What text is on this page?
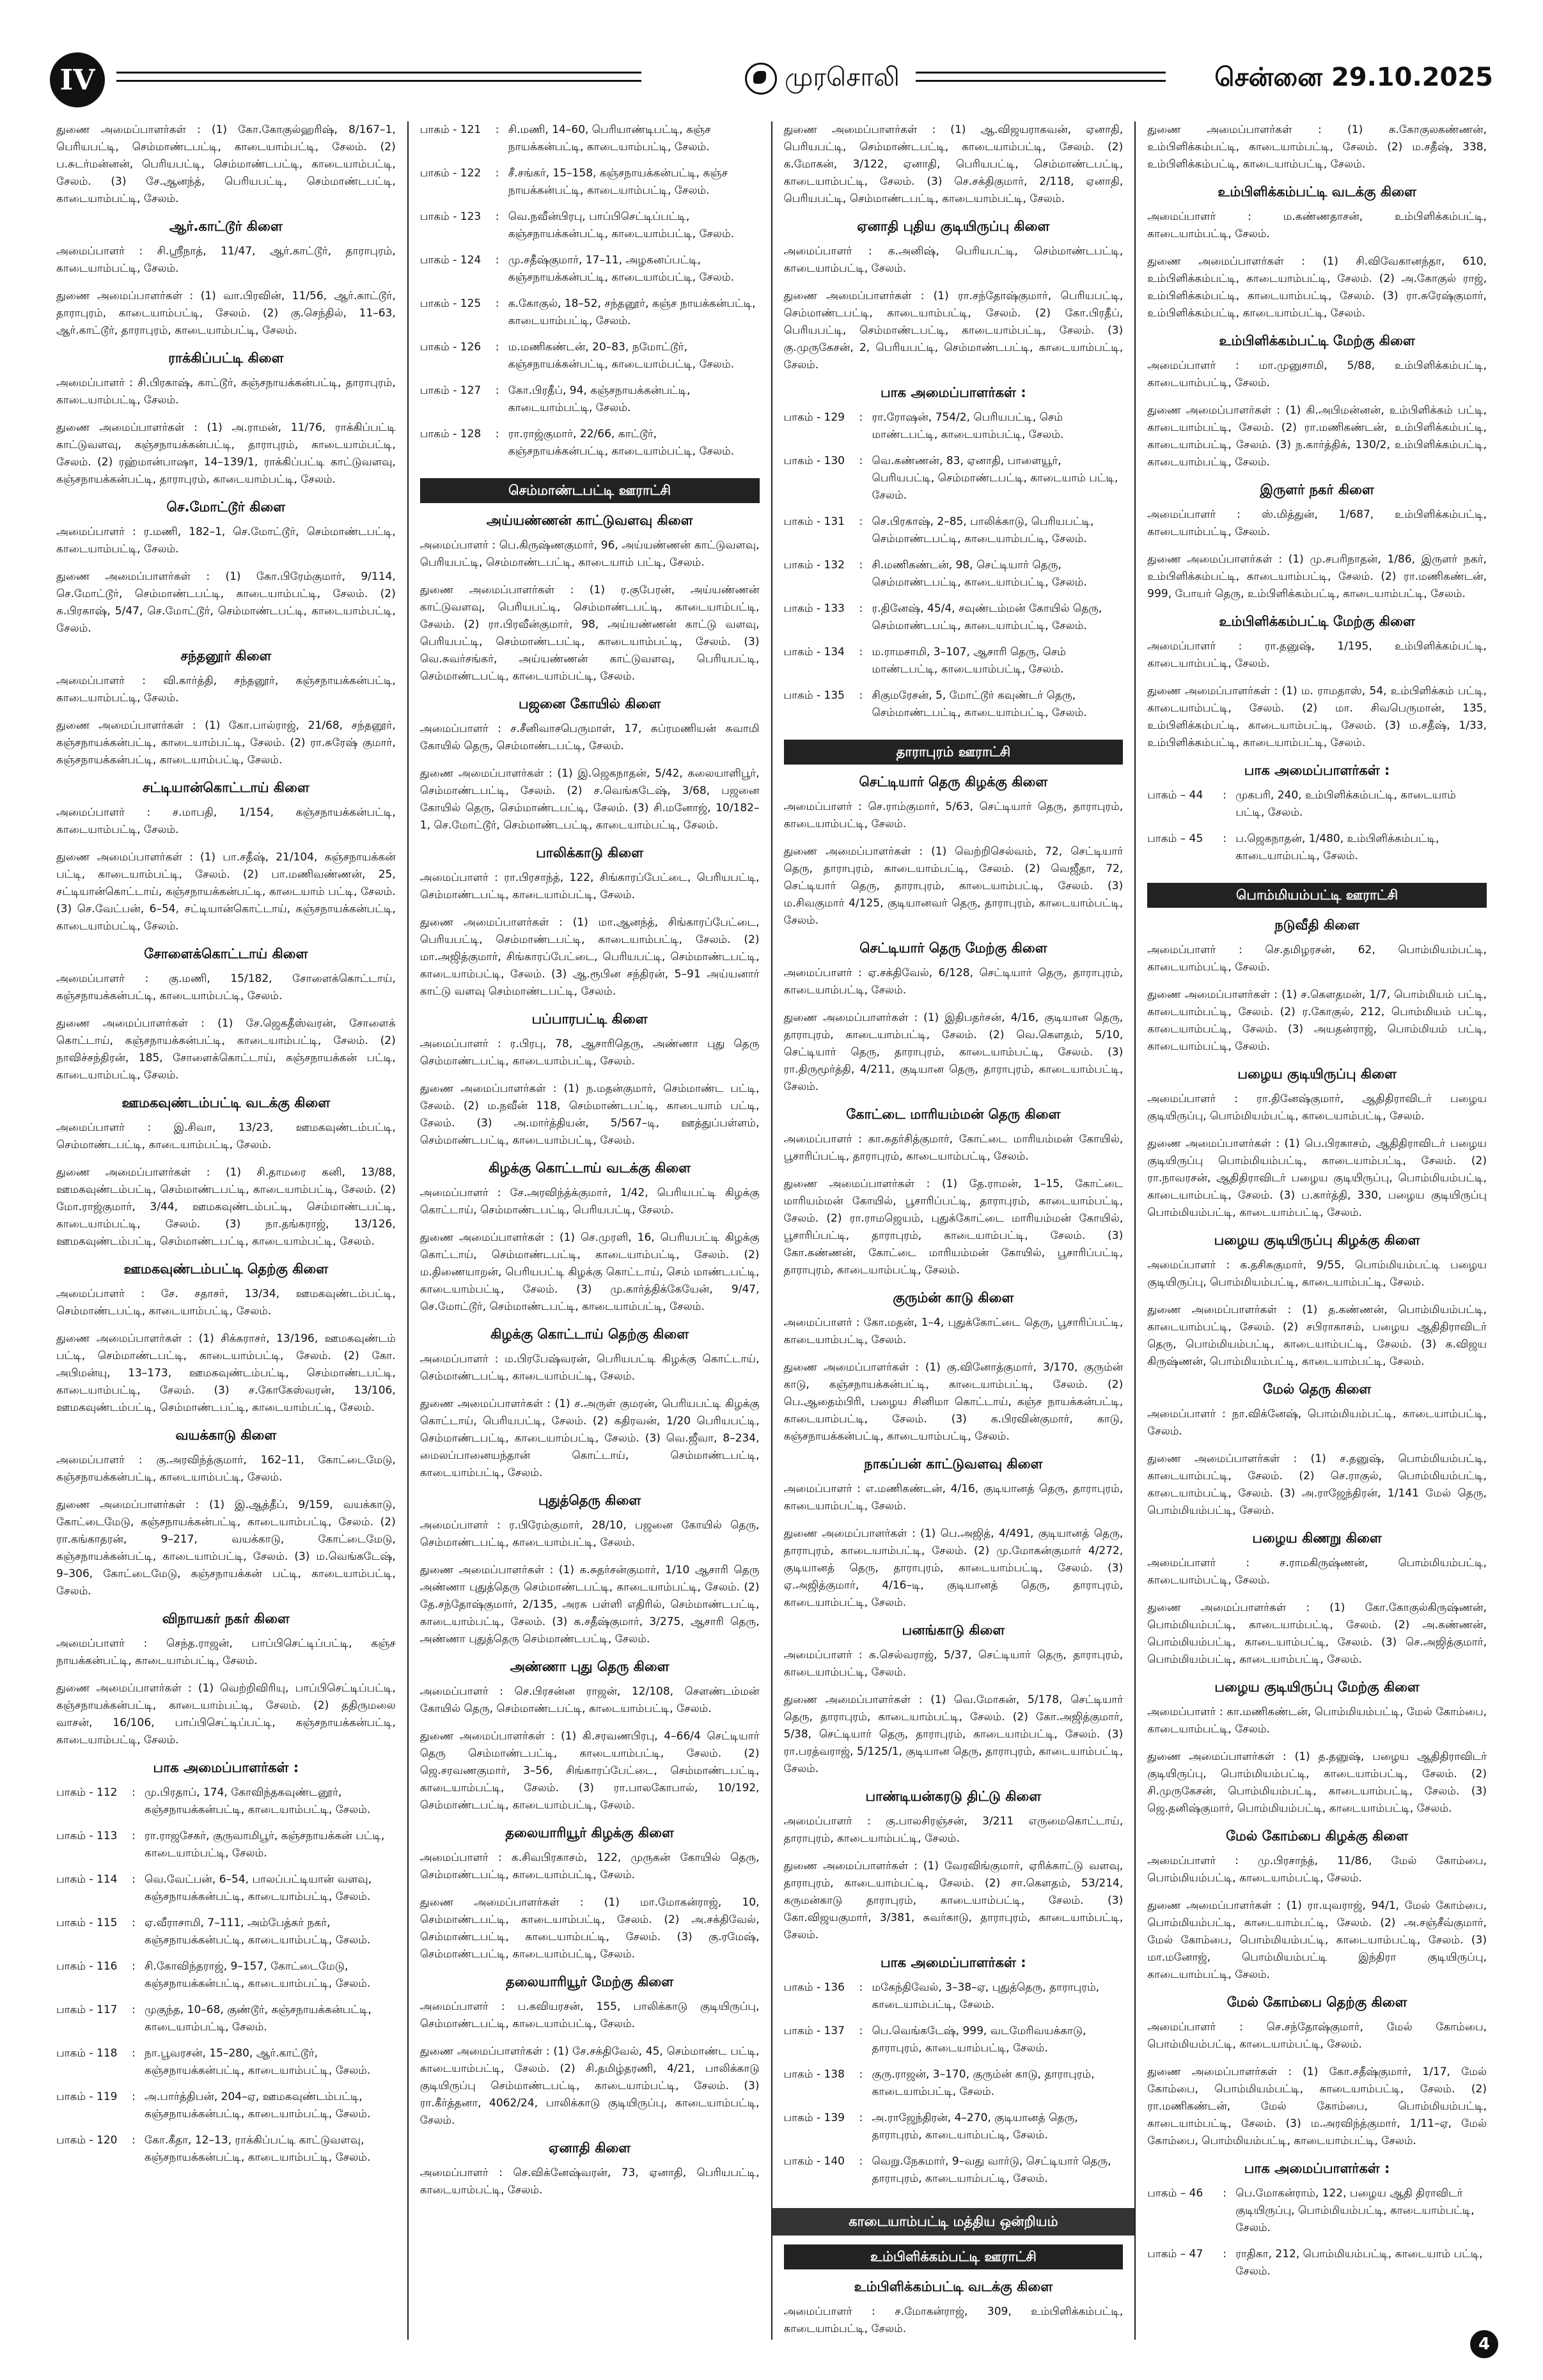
IV	முரசொலி	சென்னை 29.10.2025

துணை அமைப்பாளர்கள் : (1) கோ.கோகுல்ஹரிஷ், 8/167–1, பெரியபட்டி, செம்மாண்டபட்டி, காடையாம்பட்டி, சேலம். (2) ப.சுடர்மன்னன், பெரியபட்டி, செம்மாண்டபட்டி, காடையாம்பட்டி, சேலம். (3) சே.ஆனந்த், பெரியபட்டி, செம்மாண்டபட்டி, காடையாம்பட்டி, சேலம்.

ஆர்.காட்டூர் கிளை

அமைப்பாளர் : சி.ஸ்ரீநாத், 11/47, ஆர்.காட்டூர், தாராபுரம், காடையாம்பட்டி, சேலம்.

துணை அமைப்பாளர்கள் : (1) வா.பிரவின், 11/56, ஆர்.காட்டூர், தாராபுரம், காடையாம்பட்டி, சேலம். (2) கு.செந்தில், 11–63, ஆர்.காட்டூர், தாராபுரம், காடையாம்பட்டி, சேலம்.

ராக்கிப்பட்டி கிளை

அமைப்பாளர் : சி.பிரகாஷ், காட்டூர், கஞ்சநாயக்கன்பட்டி, தாராபுரம், காடையாம்பட்டி, சேலம்.

துணை அமைப்பாளர்கள் : (1) அ.ராமன், 11/76, ராக்கிப்பட்டி காட்டுவளவு, கஞ்சநாயக்கன்பட்டி, தாராபுரம், காடையாம்பட்டி, சேலம். (2) ரஹ்மான்பாஷா, 14–139/1, ராக்கிப்பட்டி காட்டுவளவு, கஞ்சநாயக்கன்பட்டி, தாராபுரம், காடையாம்பட்டி, சேலம்.

செ.மோட்டூர் கிளை

அமைப்பாளர் : ர.மணி, 182–1, செ.மோட்டூர், செம்மாண்டபட்டி, காடையாம்பட்டி, சேலம்.

துணை அமைப்பாளர்கள் : (1) கோ.பிரேம்குமார், 9/114, செ.மோட்டூர், செம்மாண்டபட்டி, காடையாம்பட்டி, சேலம். (2) க.பிரகாஷ், 5/47, செ.மோட்டூர், செம்மாண்டபட்டி, காடையாம்பட்டி, சேலம்.

சந்தனூர் கிளை

அமைப்பாளர் : வி.கார்த்தி, சந்தனூர், கஞ்சநாயக்கன்பட்டி, காடையாம்பட்டி, சேலம்.

துணை அமைப்பாளர்கள் : (1) கோ.பால்ராஜ், 21/68, சந்தனூர், கஞ்சநாயக்கன்பட்டி, காடையாம்பட்டி, சேலம். (2) ரா.சுரேஷ் குமார், கஞ்சநாயக்கன்பட்டி, காடையாம்பட்டி, சேலம்.

சட்டியான்கொட்டாய் கிளை

அமைப்பாளர் : ச.மாபதி, 1/154, கஞ்சநாயக்கன்பட்டி, காடையாம்பட்டி, சேலம்.

துணை அமைப்பாளர்கள் : (1) பா.சதீஷ், 21/104, கஞ்சநாயக்கன் பட்டி, காடையாம்பட்டி, சேலம். (2) பா.மணிவண்ணன், 25, சட்டியான்கொட்டாய், கஞ்சநாயக்கன்பட்டி, காடையாம் பட்டி, சேலம். (3) செ.வேட்பன், 6–54, சட்டியான்கொட்டாய், கஞ்சநாயக்கன்பட்டி, காடையாம்பட்டி, சேலம்.

சோளைக்கொட்டாய் கிளை

அமைப்பாளர் : கு.மணி, 15/182, சோளைக்கொட்டாய், கஞ்சநாயக்கன்பட்டி, காடையாம்பட்டி, சேலம்.

துணை அமைப்பாளர்கள் : (1) சே.ஜெகதீஸ்வரன், சோளைக் கொட்டாய், கஞ்சநாயக்கன்பட்டி, காடையாம்பட்டி, சேலம். (2) நாவிச்சந்திரன், 185, சோளைக்கொட்டாய், கஞ்சநாயக்கன் பட்டி, காடையாம்பட்டி, சேலம்.

ஊமகவுண்டம்பட்டி வடக்கு கிளை

அமைப்பாளர் : இ.சிவா, 13/23, ஊமகவுண்டம்பட்டி, செம்மாண்டபட்டி, காடையாம்பட்டி, சேலம்.

துணை அமைப்பாளர்கள் : (1) சி.தாமரை கனி, 13/88, ஊமகவுண்டம்பட்டி, செம்மாண்டபட்டி, காடையாம்பட்டி, சேலம். (2) மோ.ராஜ்குமார், 3/44, ஊமகவுண்டம்பட்டி, செம்மாண்டபட்டி, காடையாம்பட்டி, சேலம். (3) நா.தங்கராஜ், 13/126, ஊமகவுண்டம்பட்டி, செம்மாண்டபட்டி, காடையாம்பட்டி, சேலம்.

ஊமகவுண்டம்பட்டி தெற்கு கிளை

அமைப்பாளர் : சே. சதாசர், 13/34, ஊமகவுண்டம்பட்டி, செம்மாண்டபட்டி, காடையாம்பட்டி, சேலம்.

துணை அமைப்பாளர்கள் : (1) சிக்கராசர், 13/196, ஊமகவுண்டம் பட்டி, செம்மாண்டபட்டி, காடையாம்பட்டி, சேலம். (2) கோ. அபிமன்யு, 13–173, ஊமகவுண்டம்பட்டி, செம்மாண்டபட்டி, காடையாம்பட்டி, சேலம். (3) ச.கோகேஸ்வரன், 13/106, ஊமகவுண்டம்பட்டி, செம்மாண்டபட்டி, காடையாம்பட்டி, சேலம்.

வயக்காடு கிளை

அமைப்பாளர் : கு.அரவிந்த்குமார், 162–11, கோட்டைமேடு, கஞ்சநாயக்கன்பட்டி, காடையாம்பட்டி, சேலம்.

துணை அமைப்பாளர்கள் : (1) இ.ஆத்தீப், 9/159, வயக்காடு, கோட்டைமேடு, கஞ்சநாயக்கன்பட்டி, காடையாம்பட்டி, சேலம். (2) ரா.கங்காதரன், 9–217, வயக்காடு, கோட்டைமேடு, கஞ்சநாயக்கன்பட்டி, காடையாம்பட்டி, சேலம். (3) ம.வெங்கடேஷ், 9–306, கோட்டைமேடு, கஞ்சநாயக்கன் பட்டி, காடையாம்பட்டி, சேலம்.

விநாயகர் நகர் கிளை

அமைப்பாளர் : செந்த.ராஜன், பாப்பிசெட்டிப்பட்டி, கஞ்ச நாயக்கன்பட்டி, காடையாம்பட்டி, சேலம்.

துணை அமைப்பாளர்கள் : (1) வெற்றிவிரியு, பாப்பிசெட்டிப்பட்டி, கஞ்சநாயக்கன்பட்டி, காடையாம்பட்டி, சேலம். (2) ததிருமலை வாசன், 16/106, பாப்பிசெட்டிப்பட்டி, கஞ்சநாயக்கன்பட்டி, காடையாம்பட்டி, சேலம்.

பாக அமைப்பாளர்கள் :
பாகம் - 112	:	மு.பிரதாப், 174, கோவிந்தகவுண்டனூர், கஞ்சநாயக்கன்பட்டி, காடையாம்பட்டி, சேலம்.
பாகம் - 113	:	ரா.ராஜசேகர், குருவாமிபூர், கஞ்சநாயக்கன் பட்டி, காடையாம்பட்டி, சேலம்.
பாகம் - 114	:	வெ.வேட்பன், 6–54, பாலப்பட்டியான் வளவு, கஞ்சநாயக்கன்பட்டி, காடையாம்பட்டி, சேலம்.
பாகம் - 115	:	ஏ.வீராசாமி, 7–111, அம்பேத்கர் நகர், கஞ்சநாயக்கன்பட்டி, காடையாம்பட்டி, சேலம்.
பாகம் - 116	:	சி.கோவிந்தராஜ், 9–157, கோட்டைமேடு, கஞ்சநாயக்கன்பட்டி, காடையாம்பட்டி, சேலம்.
பாகம் - 117	:	முகுந்த, 10–68, குண்டூர், கஞ்சநாயக்கன்பட்டி, காடையாம்பட்டி, சேலம்.
பாகம் - 118	:	நா.பூவரசன், 15–280, ஆர்.காட்டூர், கஞ்சநாயக்கன்பட்டி, காடையாம்பட்டி, சேலம்.
பாகம் - 119	:	அ.பார்த்திபன், 204–ஏ, ஊமகவுண்டம்பட்டி, கஞ்சநாயக்கன்பட்டி, காடையாம்பட்டி, சேலம்.
பாகம் - 120	:	கோ.கீதா, 12–13, ராக்கிப்பட்டி காட்டுவளவு, கஞ்சநாயக்கன்பட்டி, காடையாம்பட்டி, சேலம்.
பாகம் - 121	:	சி.மணி, 14–60, பெரியாண்டிபட்டி, கஞ்ச நாயக்கன்பட்டி, காடையாம்பட்டி, சேலம்.
பாகம் - 122	:	சீ.சங்கர், 15–158, கஞ்சநாயக்கன்பட்டி, கஞ்ச நாயக்கன்பட்டி, காடையாம்பட்டி, சேலம்.
பாகம் - 123	:	வெ.நவீன்பிரபு, பாப்பிசெட்டிப்பட்டி, கஞ்சநாயக்கன்பட்டி, காடையாம்பட்டி, சேலம்.
பாகம் - 124	:	மு.சதீஷ்குமார், 17–11, அழகனப்பட்டி, கஞ்சநாயக்கன்பட்டி, காடையாம்பட்டி, சேலம்.
பாகம் - 125	:	க.கோகுல், 18–52, சந்தனூர், கஞ்ச நாயக்கன்பட்டி, காடையாம்பட்டி, சேலம்.
பாகம் - 126	:	ம.மணிகண்டன், 20–83, நமோட்டூர், கஞ்சநாயக்கன்பட்டி, காடையாம்பட்டி, சேலம்.
பாகம் - 127	:	கோ.பிரதீப், 94, கஞ்சநாயக்கன்பட்டி, காடையாம்பட்டி, சேலம்.
பாகம் - 128	:	ரா.ராஜ்குமார், 22/66, காட்டூர், கஞ்சநாயக்கன்பட்டி, காடையாம்பட்டி, சேலம்.
செம்மாண்டபட்டி ஊராட்சி
அய்யண்ணன் காட்டுவளவு கிளை

அமைப்பாளர் : பெ.கிருஷ்ணகுமார், 96, அய்யண்ணன் காட்டுவளவு, பெரியபட்டி, செம்மாண்டபட்டி, காடையாம் பட்டி, சேலம்.

துணை அமைப்பாளர்கள் : (1) ர.குபேரன், அய்யண்ணன் காட்டுவளவு, பெரியபட்டி, செம்மாண்டபட்டி, காடையாம்பட்டி, சேலம். (2) ரா.பிரவீன்குமார், 98, அய்யண்ணன் காட்டு வளவு, பெரியபட்டி, செம்மாண்டபட்டி, காடையாம்பட்டி, சேலம். (3) வெ.சுவர்சங்கர், அய்யண்ணன் காட்டுவளவு, பெரியபட்டி, செம்மாண்டபட்டி, காடையாம்பட்டி, சேலம்.

பஜனை கோயில் கிளை

அமைப்பாளர் : ச.சீனிவாசபெருமாள், 17, சுப்ரமணியன் சுவாமி கோயில் தெரு, செம்மாண்டபட்டி, சேலம்.

துணை அமைப்பாளர்கள் : (1) இ.ஜெகநாதன், 5/42, கலையாளிபூர், செம்மாண்டபட்டி, சேலம். (2) ச.வெங்கடேஷ், 3/68, பஜனை கோயில் தெரு, செம்மாண்டபட்டி, சேலம். (3) சி.மனோஜ், 10/182–1, செ.மோட்டூர், செம்மாண்டபட்டி, காடையாம்பட்டி, சேலம்.

பாலிக்காடு கிளை

அமைப்பாளர் : ரா.பிரசாந்த், 122, சிங்காரப்பேட்டை, பெரியபட்டி, செம்மாண்டபட்டி, காடையாம்பட்டி, சேலம்.

துணை அமைப்பாளர்கள் : (1) மா.ஆனந்த், சிங்காரப்பேட்டை, பெரியபட்டி, செம்மாண்டபட்டி, காடையாம்பட்டி, சேலம். (2) மா.அஜித்குமார், சிங்காரப்பேட்டை, பெரியபட்டி, செம்மாண்டபட்டி, காடையாம்பட்டி, சேலம். (3) ஆ.ரூபின சந்திரன், 5–91 அய்யனார் காட்டு வளவு செம்மாண்டபட்டி, சேலம்.

பப்பாரபட்டி கிளை

அமைப்பாளர் : ர.பிரபு, 78, ஆசாரிதெரு, அண்ணா புது தெரு செம்மாண்டபட்டி, காடையாம்பட்டி, சேலம்.

துணை அமைப்பாளர்கள் : (1) ந.மதன்குமார், செம்மாண்ட பட்டி, சேலம். (2) ம.நவீன் 118, செம்மாண்டபட்டி, காடையாம் பட்டி, சேலம். (3) அ.மார்த்தியன், 5/567–டி, ஊத்துப்பள்ளம், செம்மாண்டபட்டி, காடையாம்பட்டி, சேலம்.

கிழக்கு கொட்டாய் வடக்கு கிளை

அமைப்பாளர் : சே.அரவிந்த்க்குமார், 1/42, பெரியபட்டி கிழக்கு கொட்டாய், செம்மாண்டபட்டி, பெரியபட்டி, சேலம்.

துணை அமைப்பாளர்கள் : (1) செ.முரளி, 16, பெரியபட்டி கிழக்கு கொட்டாய், செம்மாண்டபட்டி, காடையாம்பட்டி, சேலம். (2) ம.திணையாறன், பெரியபட்டி கிழக்கு கொட்டாய், செம் மாண்டபட்டி, காடையாம்பட்டி, சேலம். (3) மு.கார்த்திக்கேயேன், 9/47, செ.மோட்டூர், செம்மாண்டபட்டி, காடையாம்பட்டி, சேலம்.

கிழக்கு கொட்டாய் தெற்கு கிளை

அமைப்பாளர் : ம.பிரபேஷ்வரன், பெரியபட்டி கிழக்கு கொட்டாய், செம்மாண்டபட்டி, காடையாம்பட்டி, சேலம்.

துணை அமைப்பாளர்கள் : (1) ச.அருள் குமரன், பெரியபட்டி கிழக்கு கொட்டாய், பெரியபட்டி, சேலம். (2) கதிரவன், 1/20 பெரியபட்டி, செம்மாண்டபட்டி, காடையாம்பட்டி, சேலம். (3) வெ.ஜீவா, 8–234, மைலப்பானையந்தான் கொட்டாய், செம்மாண்டபட்டி, காடையாம்பட்டி, சேலம்.

புதுத்தெரு கிளை

அமைப்பாளர் : ர.பிரேம்குமார், 28/10, பஜனை கோயில் தெரு, செம்மாண்டபட்டி, காடையாம்பட்டி, சேலம்.

துணை அமைப்பாளர்கள் : (1) க.சுதர்சன்குமார், 1/10 ஆசாரி தெரு அண்ணா புதுத்தெரு செம்மாண்டபட்டி, காடையாம்பட்டி, சேலம். (2) தே.சந்தோஷ்குமார், 2/135, அரசு பள்ளி எதிரில், செம்மாண்டபட்டி, காடையாம்பட்டி, சேலம். (3) க.சதீஷ்குமார், 3/275, ஆசாரி தெரு, அண்ணா புதுத்தெரு செம்மாண்டபட்டி, சேலம்.

அண்ணா புது தெரு கிளை

அமைப்பாளர் : செ.பிரசன்ன ராஜன், 12/108, சௌண்டம்மன் கோயில் தெரு, செம்மாண்டபட்டி, காடையாம்பட்டி, சேலம்.

துணை அமைப்பாளர்கள் : (1) கி.சரவணபிரபு, 4–66/4 செட்டியார் தெரு செம்மாண்டபட்டி, காடையாம்பட்டி, சேலம். (2) ஜெ.சரவணகுமார், 3–56, சிங்காரப்பேட்டை, செம்மாண்டபட்டி, காடையாம்பட்டி, சேலம். (3) ரா.பாலகோபால், 10/192, செம்மாண்டபட்டி, காடையாம்பட்டி, சேலம்.

தலையாரியூர் கிழக்கு கிளை

அமைப்பாளர் : க.சிவபிரகாசம், 122, முருகன் கோயில் தெரு, செம்மாண்டபட்டி, காடையாம்பட்டி, சேலம்.

துணை அமைப்பாளர்கள் : (1) மா.மோகன்ராஜ், 10, செம்மாண்டபட்டி, காடையாம்பட்டி, சேலம். (2) அ.சக்திவேல், செம்மாண்டபட்டி, காடையாம்பட்டி, சேலம். (3) கு.ரமேஷ், செம்மாண்டபட்டி, காடையாம்பட்டி, சேலம்.

தலையாரியூர் மேற்கு கிளை

அமைப்பாளர் : ப.கவியரசன், 155, பாலிக்காடு குடியிருப்பு, செம்மாண்டபட்டி, காடையாம்பட்டி, சேலம்.

துணை அமைப்பாளர்கள் : (1) சே.சக்திவேல், 45, செம்மாண்ட பட்டி, காடையாம்பட்டி, சேலம். (2) சி.தமிழ்தரணி, 4/21, பாலிக்காடு குடியிருப்பு செம்மாண்டபட்டி, காடையாம்பட்டி, சேலம். (3) ரா.கீர்த்தனா, 4062/24, பாலிக்காடு குடியிருப்பு, காடையாம்பட்டி, சேலம்.

ஏனாதி கிளை

அமைப்பாளர் : செ.விக்னேஷ்வரன், 73, ஏனாதி, பெரியபட்டி, காடையாம்பட்டி, சேலம்.

துணை அமைப்பாளர்கள் : (1) ஆ.விஜயராகவன், ஏனாதி, பெரியபட்டி, செம்மாண்டபட்டி, காடையாம்பட்டி, சேலம். (2) க.மோகன், 3/122, ஏனாதி, பெரியபட்டி, செம்மாண்டபட்டி, காடையாம்பட்டி, சேலம். (3) செ.சக்திகுமார், 2/118, ஏனாதி, பெரியபட்டி, செம்மாண்டபட்டி, காடையாம்பட்டி, சேலம்.

ஏனாதி புதிய குடியிருப்பு கிளை

அமைப்பாளர் : க.அனிஷ், பெரியபட்டி, செம்மாண்டபட்டி, காடையாம்பட்டி, சேலம்.

துணை அமைப்பாளர்கள் : (1) ரா.சந்தோஷ்குமார், பெரியபட்டி, செம்மாண்டபட்டி, காடையாம்பட்டி, சேலம். (2) கோ.பிரதீப், பெரியபட்டி, செம்மாண்டபட்டி, காடையாம்பட்டி, சேலம். (3) கு.முருகேசன், 2, பெரியபட்டி, செம்மாண்டபட்டி, காடையாம்பட்டி, சேலம்.

பாக அமைப்பாளர்கள் :
பாகம் - 129	:	ரா.ரோஷன், 754/2, பெரியபட்டி, செம் மாண்டபட்டி, காடையாம்பட்டி, சேலம்.
பாகம் - 130	:	வெ.கண்ணன், 83, ஏனாதி, பாளையூர், பெரியபட்டி, செம்மாண்டபட்டி, காடையாம் பட்டி, சேலம்.
பாகம் - 131	:	செ.பிரகாஷ், 2–85, பாலிக்காடு, பெரியபட்டி, செம்மாண்டபட்டி, காடையாம்பட்டி, சேலம்.
பாகம் - 132	:	சி.மணிகண்டன், 98, செட்டியார் தெரு, செம்மாண்டபட்டி, காடையாம்பட்டி, சேலம்.
பாகம் - 133	:	ர.தினேஷ், 45/4, சவுண்டம்மன் கோயில் தெரு, செம்மாண்டபட்டி, காடையாம்பட்டி, சேலம்.
பாகம் - 134	:	ம.ராமசாமி, 3–107, ஆசாரி தெரு, செம் மாண்டபட்டி, காடையாம்பட்டி, சேலம்.
பாகம் - 135	:	சிகுமரேசன், 5, மோட்டூர் கவுண்டர் தெரு, செம்மாண்டபட்டி, காடையாம்பட்டி, சேலம்.
தாராபுரம் ஊராட்சி
செட்டியார் தெரு கிழக்கு கிளை

அமைப்பாளர் : செ.ராம்குமார், 5/63, செட்டியார் தெரு, தாராபுரம், காடையாம்பட்டி, சேலம்.

துணை அமைப்பாளர்கள் : (1) வெற்றிசெல்வம், 72, செட்டியார் தெரு, தாராபுரம், காடையாம்பட்டி, சேலம். (2) வெஜீதா, 72, செட்டியார் தெரு, தாராபுரம், காடையாம்பட்டி, சேலம். (3) ம.சிவகுமார் 4/125, குடியானவர் தெரு, தாராபுரம், காடையாம்பட்டி, சேலம்.

செட்டியார் தெரு மேற்கு கிளை

அமைப்பாளர் : ஏ.சக்திவேல், 6/128, செட்டியார் தெரு, தாராபுரம், காடையாம்பட்டி, சேலம்.

துணை அமைப்பாளர்கள் : (1) இதிபதர்சன், 4/16, குடியான தெரு, தாராபுரம், காடையாம்பட்டி, சேலம். (2) வெ.கௌதம், 5/10, செட்டியார் தெரு, தாராபுரம், காடையாம்பட்டி, சேலம். (3) ரா.திருமூர்த்தி, 4/211, குடியான தெரு, தாராபுரம், காடையாம்பட்டி, சேலம்.

கோட்டை மாரியம்மன் தெரு கிளை

அமைப்பாளர் : கா.சுதர்சித்குமார், கோட்டை மாரியம்மன் கோயில், பூசாரிப்பட்டி, தாராபுரம், காடையாம்பட்டி, சேலம்.

துணை அமைப்பாளர்கள் : (1) தே.ராமன், 1–15, கோட்டை மாரியம்மன் கோயில், பூசாரிப்பட்டி, தாராபுரம், காடையாம்பட்டி, சேலம். (2) ரா.ராமஜெயம், புதுக்கோட்டை மாரியம்மன் கோயில், பூசாரிப்பட்டி, தாராபுரம், காடையாம்பட்டி, சேலம். (3) கோ.கண்ணன், கோட்டை மாரியம்மன் கோயில், பூசாரிப்பட்டி, தாராபுரம், காடையாம்பட்டி, சேலம்.

குரும்ன் காடு கிளை

அமைப்பாளர் : கோ.மதன், 1–4, புதுக்கோட்டை தெரு, பூசாரிப்பட்டி, காடையாம்பட்டி, சேலம்.

துணை அமைப்பாளர்கள் : (1) கு.வினோத்குமார், 3/170, குரும்ன் காடு, கஞ்சநாயக்கன்பட்டி, காடையாம்பட்டி, சேலம். (2) பெ.ஆதைம்பிரி, பழைய சினிமா கொட்டாய், கஞ்ச நாயக்கன்பட்டி, காடையாம்பட்டி, சேலம். (3) க.பிரவின்குமார், காடு, கஞ்சநாயக்கன்பட்டி, காடையாம்பட்டி, சேலம்.

நாகப்பன் காட்டுவளவு கிளை

அமைப்பாளர் : எ.மணிகண்டன், 4/16, குடியானத் தெரு, தாராபுரம், காடையாம்பட்டி, சேலம்.

துணை அமைப்பாளர்கள் : (1) பெ.அஜித், 4/491, குடியானத் தெரு, தாராபுரம், காடையாம்பட்டி, சேலம். (2) மு.மோகன்குமார் 4/272, குடியானத் தெரு, தாராபுரம், காடையாம்பட்டி, சேலம். (3) ஏ.அஜித்குமார், 4/16–டி, குடியானத் தெரு, தாராபுரம், காடையாம்பட்டி, சேலம்.

பனங்காடு கிளை

அமைப்பாளர் : க.செல்வராஜ், 5/37, செட்டியார் தெரு, தாராபுரம், காடையாம்பட்டி, சேலம்.

துணை அமைப்பாளர்கள் : (1) வெ.மோகன், 5/178, செட்டியார் தெரு, தாராபுரம், காடையாம்பட்டி, சேலம். (2) கோ.அஜித்குமார், 5/38, செட்டியார் தெரு, தாராபுரம், காடையாம்பட்டி, சேலம். (3) ரா.பரத்வராஜ், 5/125/1, குடியான தெரு, தாராபுரம், காடையாம்பட்டி, சேலம்.

பாண்டியன்கரடு திட்டு கிளை

அமைப்பாளர் : கு.பாலசிரஞ்சன், 3/211 எருமைகொட்டாய், தாராபுரம், காடையாம்பட்டி, சேலம்.

துணை அமைப்பாளர்கள் : (1) வேரவிங்குமார், ஏரிக்காட்டு வளவு, தாராபுரம், காடையாம்பட்டி, சேலம். (2) சா.கௌதம், 53/214, கருமன்காடு தாராபுரம், காடையாம்பட்டி, சேலம். (3) கோ.விஜயகுமார், 3/381, சுவர்காடு, தாராபுரம், காடையாம்பட்டி, சேலம்.

பாக அமைப்பாளர்கள் :
பாகம் - 136	:	மகேந்திவேல், 3–38–ஏ, புதுத்தெரு, தாராபுரம், காடையாம்பட்டி, சேலம்.
பாகம் - 137	:	பெ.வெங்கடேஷ், 999, வடமேரிவயக்காடு, தாராபுரம், காடையாம்பட்டி, சேலம்.
பாகம் - 138	:	குரு.ராஜன், 3–170, குரும்ன் காடு, தாராபுரம், காடையாம்பட்டி, சேலம்.
பாகம் - 139	:	அ.ராஜேந்திரன், 4–270, குடியானத் தெரு, தாராபுரம், காடையாம்பட்டி, சேலம்.
பாகம் - 140	:	வெறு.நேசுமார், 9–வது வார்டு, செட்டியார் தெரு, தாராபுரம், காடையாம்பட்டி, சேலம்.
காடையாம்பட்டி மத்திய ஒன்றியம்
உம்பிளிக்கம்பட்டி ஊராட்சி
உம்பிளிக்கம்பட்டி வடக்கு கிளை

அமைப்பாளர் : ச.மோகன்ராஜ், 309, உம்பிளிக்கம்பட்டி, காடையாம்பட்டி, சேலம்.

துணை அமைப்பாளர்கள் : (1) க.கோகுலகண்ணன், உம்பிளிக்கம்பட்டி, காடையாம்பட்டி, சேலம். (2) ம.சதீஷ், 338, உம்பிளிக்கம்பட்டி, காடையாம்பட்டி, சேலம்.

உம்பிளிக்கம்பட்டி வடக்கு கிளை

அமைப்பாளர் : ம.கண்ணதாசன், உம்பிளிக்கம்பட்டி, காடையாம்பட்டி, சேலம்.

துணை அமைப்பாளர்கள் : (1) சி.விவேகானந்தா, 610, உம்பிளிக்கம்பட்டி, காடையாம்பட்டி, சேலம். (2) அ.கோகுல் ராஜ், உம்பிளிக்கம்பட்டி, காடையாம்பட்டி, சேலம். (3) ரா.சுரேஷ்குமார், உம்பிளிக்கம்பட்டி, காடையாம்பட்டி, சேலம்.

உம்பிளிக்கம்பட்டி மேற்கு கிளை

அமைப்பாளர் : மா.முனுசாமி, 5/88, உம்பிளிக்கம்பட்டி, காடையாம்பட்டி, சேலம்.

துணை அமைப்பாளர்கள் : (1) கி.அபிமன்னன், உம்பிளிக்கம் பட்டி, காடையாம்பட்டி, சேலம். (2) ரா.மணிகண்டன், உம்பிளிக்கம்பட்டி, காடையாம்பட்டி, சேலம். (3) ந.கார்த்திக், 130/2, உம்பிளிக்கம்பட்டி, காடையாம்பட்டி, சேலம்.

இருளர் நகர் கிளை

அமைப்பாளர் : ஸ்.மித்துன், 1/687, உம்பிளிக்கம்பட்டி, காடையாம்பட்டி, சேலம்.

துணை அமைப்பாளர்கள் : (1) மு.சபரிநாதன், 1/86, இருளர் நகர், உம்பிளிக்கம்பட்டி, காடையாம்பட்டி, சேலம். (2) ரா.மணிகண்டன், 999, போயர் தெரு, உம்பிளிக்கம்பட்டி, காடையாம்பட்டி, சேலம்.

உம்பிளிக்கம்பட்டி மேற்கு கிளை

அமைப்பாளர் : ரா.தனுஷ், 1/195, உம்பிளிக்கம்பட்டி, காடையாம்பட்டி, சேலம்.

துணை அமைப்பாளர்கள் : (1) ம. ராமதாஸ், 54, உம்பிளிக்கம் பட்டி, காடையாம்பட்டி, சேலம். (2) மா. சிவபெருமான், 135, உம்பிளிக்கம்பட்டி, காடையாம்பட்டி, சேலம். (3) ம.சதீஷ், 1/33, உம்பிளிக்கம்பட்டி, காடையாம்பட்டி, சேலம்.

பாக அமைப்பாளர்கள் :
பாகம் – 44	:	முகபரி, 240, உம்பிளிக்கம்பட்டி, காடையாம் பட்டி, சேலம்.
பாகம் – 45	:	ப.ஜெகநாதன், 1/480, உம்பிளிக்கம்பட்டி, காடையாம்பட்டி, சேலம்.
பொம்மியம்பட்டி ஊராட்சி
நடுவீதி கிளை

அமைப்பாளர் : செ.தமிழரசன், 62, பொம்மியம்பட்டி, காடையாம்பட்டி, சேலம்.

துணை அமைப்பாளர்கள் : (1) ச.கௌதமன், 1/7, பொம்மியம் பட்டி, காடையாம்பட்டி, சேலம். (2) ர.கோகுல், 212, பொம்மியம் பட்டி, காடையாம்பட்டி, சேலம். (3) அயதன்ராஜ், பொம்மியம் பட்டி, காடையாம்பட்டி, சேலம்.

பழைய குடியிருப்பு கிளை

அமைப்பாளர் : ரா.தினேஷ்குமார், ஆதிதிராவிடர் பழைய குடியிருப்பு, பொம்மியம்பட்டி, காடையாம்பட்டி, சேலம்.

துணை அமைப்பாளர்கள் : (1) பெ.பிரகாசம், ஆதிதிராவிடர் பழைய குடியிருப்பு பொம்மியம்பட்டி, காடையாம்பட்டி, சேலம். (2) ரா.நாவரசன், ஆதிதிராவிடர் பழைய குடியிருப்பு, பொம்மியம்பட்டி, காடையாம்பட்டி, சேலம். (3) ப.கார்த்தி, 330, பழைய குடியிருப்பு பொம்மியம்பட்டி, காடையாம்பட்டி, சேலம்.

பழைய குடியிருப்பு கிழக்கு கிளை

அமைப்பாளர் : க.தசிசுகுமார், 9/55, பொம்மியம்பட்டி பழைய குடியிருப்பு, பொம்மியம்பட்டி, காடையாம்பட்டி, சேலம்.

துணை அமைப்பாளர்கள் : (1) த.கண்ணன், பொம்மியம்பட்டி, காடையாம்பட்டி, சேலம். (2) சபிராகாசம், பழைய ஆதிதிராவிடர் தெரு, பொம்மியம்பட்டி, காடையாம்பட்டி, சேலம். (3) க.விஜய கிருஷ்ணன், பொம்மியம்பட்டி, காடையாம்பட்டி, சேலம்.

மேல் தெரு கிளை

அமைப்பாளர் : நா.விக்னேஷ், பொம்மியம்பட்டி, காடையாம்பட்டி, சேலம்.

துணை அமைப்பாளர்கள் : (1) ச.தனுஷ், பொம்மியம்பட்டி, காடையாம்பட்டி, சேலம். (2) செ.ராகுல், பொம்மியம்பட்டி, காடையாம்பட்டி, சேலம். (3) அ.ராஜேந்திரன், 1/141 மேல் தெரு, பொம்மியம்பட்டி, சேலம்.

பழைய கிணறு கிளை

அமைப்பாளர் : ச.ராமகிருஷ்ணன், பொம்மியம்பட்டி, காடையாம்பட்டி, சேலம்.

துணை அமைப்பாளர்கள் : (1) கோ.கோகுல்கிருஷ்ணன், பொம்மியம்பட்டி, காடையாம்பட்டி, சேலம். (2) அ.கண்ணன், பொம்மியம்பட்டி, காடையாம்பட்டி, சேலம். (3) செ.அஜித்குமார், பொம்மியம்பட்டி, காடையாம்பட்டி, சேலம்.

பழைய குடியிருப்பு மேற்கு கிளை

அமைப்பாளர் : கா.மணிகண்டன், பொம்மியம்பட்டி, மேல் கோம்பை, காடையாம்பட்டி, சேலம்.

துணை அமைப்பாளர்கள் : (1) த.தனுஷ், பழைய ஆதிதிராவிடர் குடியிருப்பு, பொம்மியம்பட்டி, காடையாம்பட்டி, சேலம். (2) சி.முருகேசன், பொம்மியம்பட்டி, காடையாம்பட்டி, சேலம். (3) ஜெ.தனிஷ்குமார், பொம்மியம்பட்டி, காடையாம்பட்டி, சேலம்.

மேல் கோம்பை கிழக்கு கிளை

அமைப்பாளர் : மு.பிரசாந்த், 11/86, மேல் கோம்பை, பொம்மியம்பட்டி, காடையாம்பட்டி, சேலம்.

துணை அமைப்பாளர்கள் : (1) ரா.யுவராஜ், 94/1, மேல் கோம்பை, பொம்மியம்பட்டி, காடையாம்பட்டி, சேலம். (2) அ.சஞ்சீவ்குமார், மேல் கோம்பை, பொம்மியம்பட்டி, காடையாம்பட்டி, சேலம். (3) மா.மனோஜ், பொம்மியம்பட்டி இந்திரா குடியிருப்பு, காடையாம்பட்டி, சேலம்.

மேல் கோம்பை தெற்கு கிளை

அமைப்பாளர் : செ.சந்தோஷ்குமார், மேல் கோம்பை, பொம்மியம்பட்டி, காடையாம்பட்டி, சேலம்.

துணை அமைப்பாளர்கள் : (1) கோ.சதீஷ்குமார், 1/17, மேல் கோம்பை, பொம்மியம்பட்டி, காடையாம்பட்டி, சேலம். (2) ரா.மணிகண்டன், மேல் கோம்பை, பொம்மியம்பட்டி, காடையாம்பட்டி, சேலம். (3) ம.அரவிந்த்குமார், 1/11–ஏ, மேல் கோம்பை, பொம்மியம்பட்டி, காடையாம்பட்டி, சேலம்.

பாக அமைப்பாளர்கள் :
பாகம் – 46	:	பெ.மோகன்ராம், 122, பழைய ஆதி திராவிடர் குடியிருப்பு, பொம்மியம்பட்டி, காடையாம்பட்டி, சேலம்.
பாகம் – 47	:	ராதிகா, 212, பொம்மியம்பட்டி, காடையாம் பட்டி, சேலம்.
4
